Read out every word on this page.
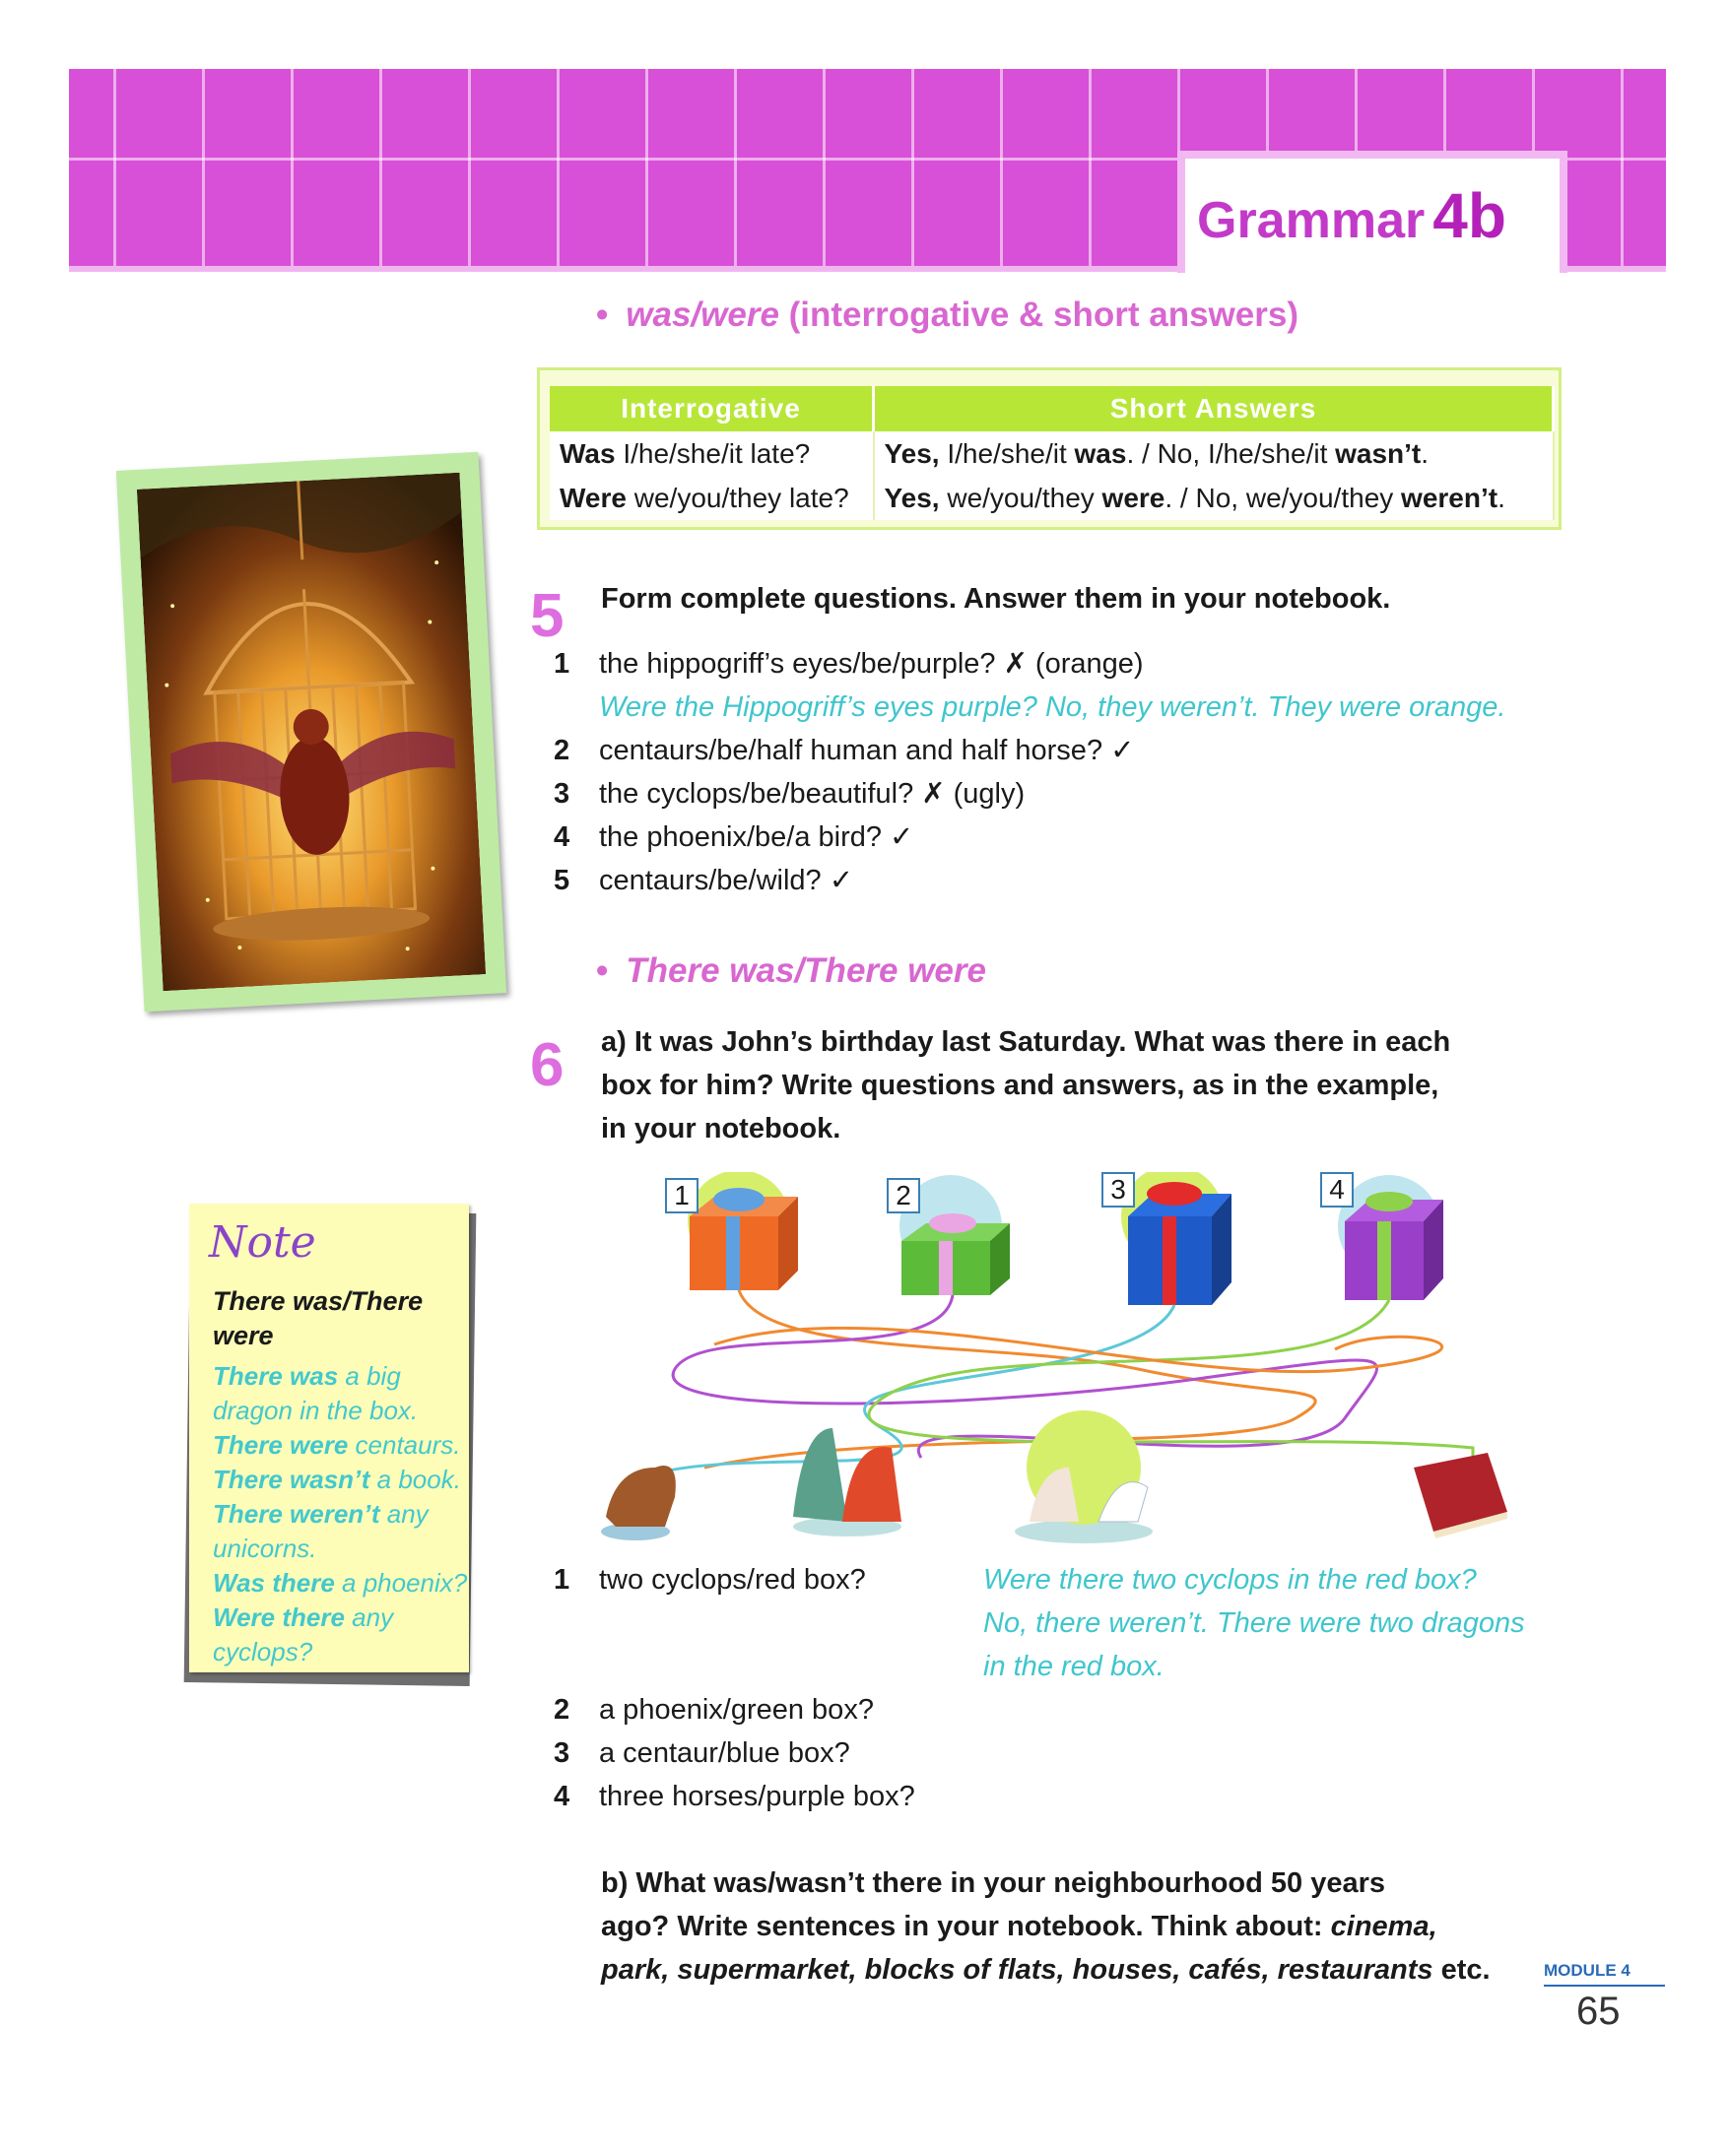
Grammar 4b
• was/were (interrogative & short answers)
Interrogative	Short Answers
Was I/he/she/it late?	Yes, I/he/she/it was. / No, I/he/she/it wasn’t.
Were we/you/they late?	Yes, we/you/they were. / No, we/you/they weren’t.
5 Form complete questions. Answer them in your notebook.
1 the hippogriff’s eyes/be/purple? ✗ (orange)
Were the Hippogriff’s eyes purple? No, they weren’t. They were orange.
2 centaurs/be/half human and half horse? ✓
3 the cyclops/be/beautiful? ✗ (ugly)
4 the phoenix/be/a bird? ✓
5 centaurs/be/wild? ✓
• There was/There were
6 a) It was John’s birthday last Saturday. What was there in each
box for him? Write questions and answers, as in the example,
in your notebook.
1	2	3	4
1 two cyclops/red box?
2 a phoenix/green box?
3 a centaur/blue box?
4 three horses/purple box?
Were there two cyclops in the red box?
No, there weren’t. There were two dragons
in the red box.
b) What was/wasn’t there in your neighbourhood 50 years
ago? Write sentences in your notebook. Think about: cinema,
park, supermarket, blocks of flats, houses, cafés, restaurants etc.
Note
There was/There were
There was a big
dragon in the box.
There were centaurs.
There wasn’t a book.
There weren’t any
unicorns.
Was there a phoenix?
Were there any
cyclops?
MODULE 4
65
